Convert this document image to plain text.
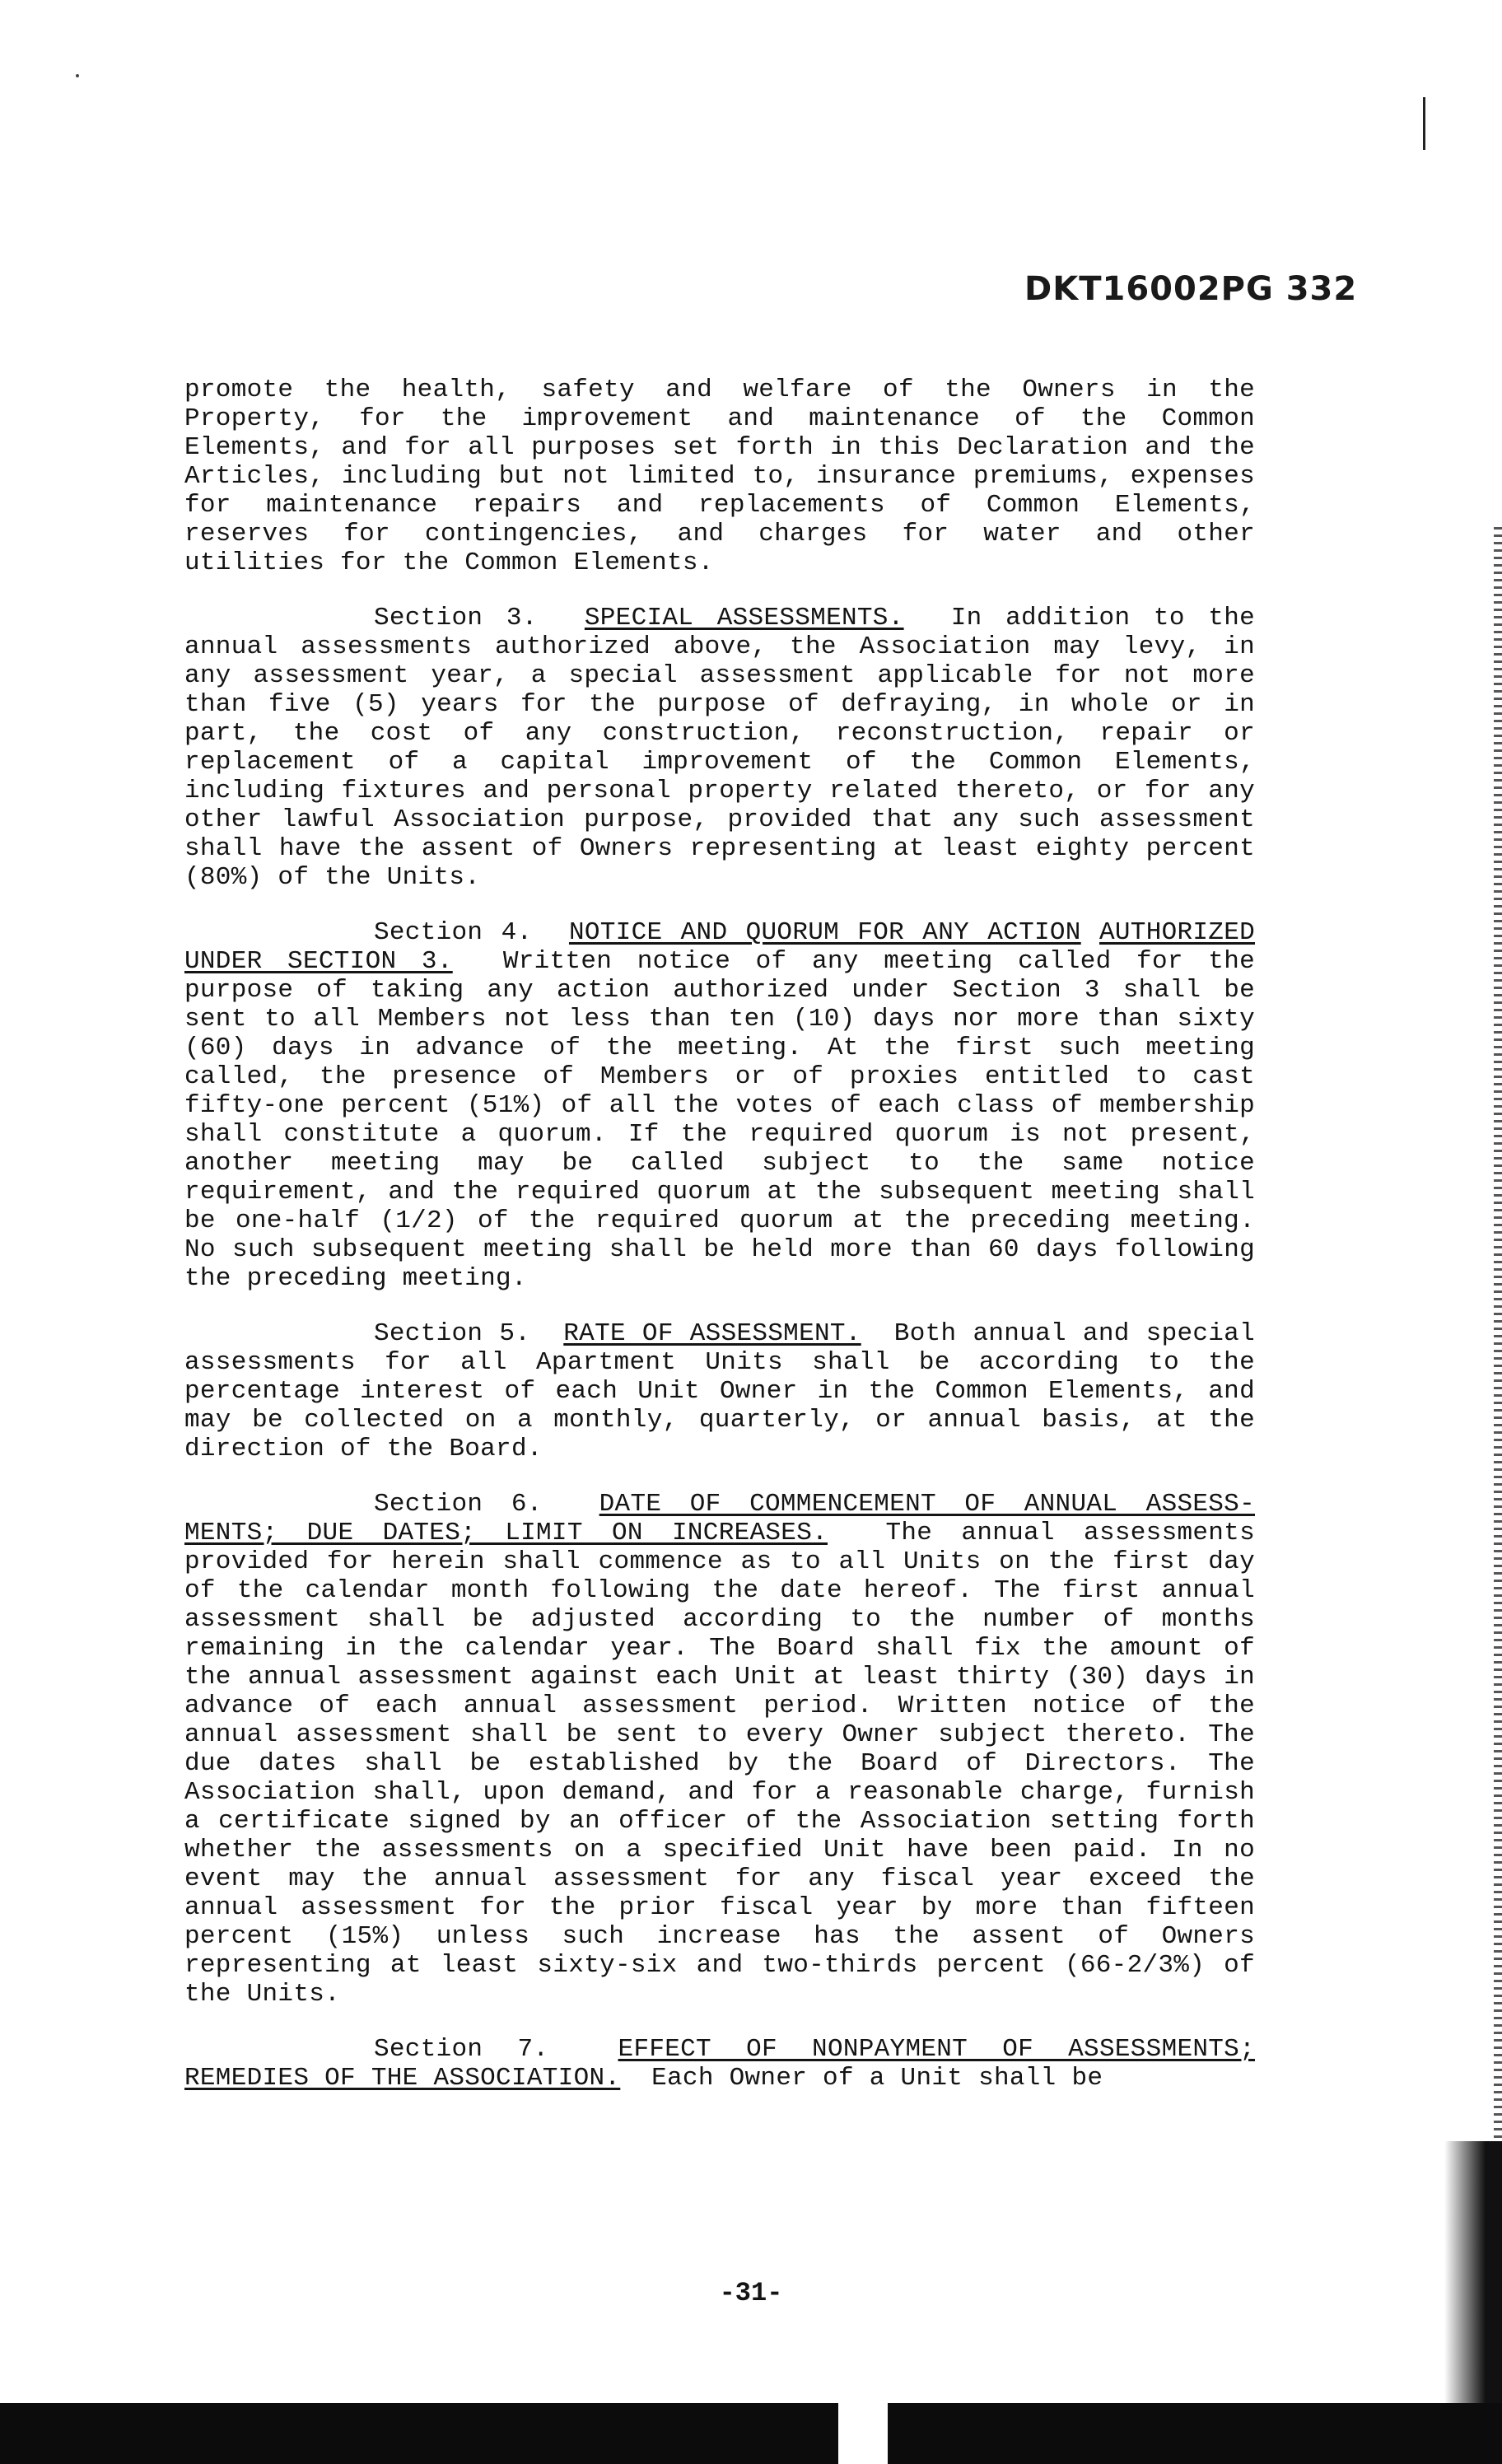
DKT16002PG 332

promote the health, safety and welfare of the Owners in the Property, for the improvement and maintenance of the Common Elements, and for all purposes set forth in this Declaration and the Articles, including but not limited to, insurance premiums, expenses for maintenance repairs and replacements of Common Elements, reserves for contingencies, and charges for water and other utilities for the Common Elements.

Section 3. SPECIAL ASSESSMENTS. In addition to the annual assessments authorized above, the Association may levy, in any assessment year, a special assessment applicable for not more than five (5) years for the purpose of defraying, in whole or in part, the cost of any construction, reconstruction, repair or replacement of a capital improvement of the Common Elements, including fixtures and personal property related thereto, or for any other lawful Association purpose, provided that any such assessment shall have the assent of Owners representing at least eighty percent (80%) of the Units.

Section 4. NOTICE AND QUORUM FOR ANY ACTION AUTHORIZED UNDER SECTION 3. Written notice of any meeting called for the purpose of taking any action authorized under Section 3 shall be sent to all Members not less than ten (10) days nor more than sixty (60) days in advance of the meeting. At the first such meeting called, the presence of Members or of proxies entitled to cast fifty-one percent (51%) of all the votes of each class of membership shall constitute a quorum. If the required quorum is not present, another meeting may be called subject to the same notice requirement, and the required quorum at the subsequent meeting shall be one-half (1/2) of the required quorum at the preceding meeting. No such subsequent meeting shall be held more than 60 days following the preceding meeting.

Section 5. RATE OF ASSESSMENT. Both annual and special assessments for all Apartment Units shall be according to the percentage interest of each Unit Owner in the Common Elements, and may be collected on a monthly, quarterly, or annual basis, at the direction of the Board.

Section 6. DATE OF COMMENCEMENT OF ANNUAL ASSESS- MENTS; DUE DATES; LIMIT ON INCREASES. The annual assessments provided for herein shall commence as to all Units on the first day of the calendar month following the date hereof. The first annual assessment shall be adjusted according to the number of months remaining in the calendar year. The Board shall fix the amount of the annual assessment against each Unit at least thirty (30) days in advance of each annual assessment period. Written notice of the annual assessment shall be sent to every Owner subject thereto. The due dates shall be established by the Board of Directors. The Association shall, upon demand, and for a reasonable charge, furnish a certificate signed by an officer of the Association setting forth whether the assessments on a specified Unit have been paid. In no event may the annual assessment for any fiscal year exceed the annual assessment for the prior fiscal year by more than fifteen percent (15%) unless such increase has the assent of Owners representing at least sixty-six and two-thirds percent (66-2/3%) of the Units.

Section 7.	EFFECT OF NONPAYMENT OF ASSESSMENTS; REMEDIES OF THE ASSOCIATION. Each Owner of a Unit shall be

-31-
